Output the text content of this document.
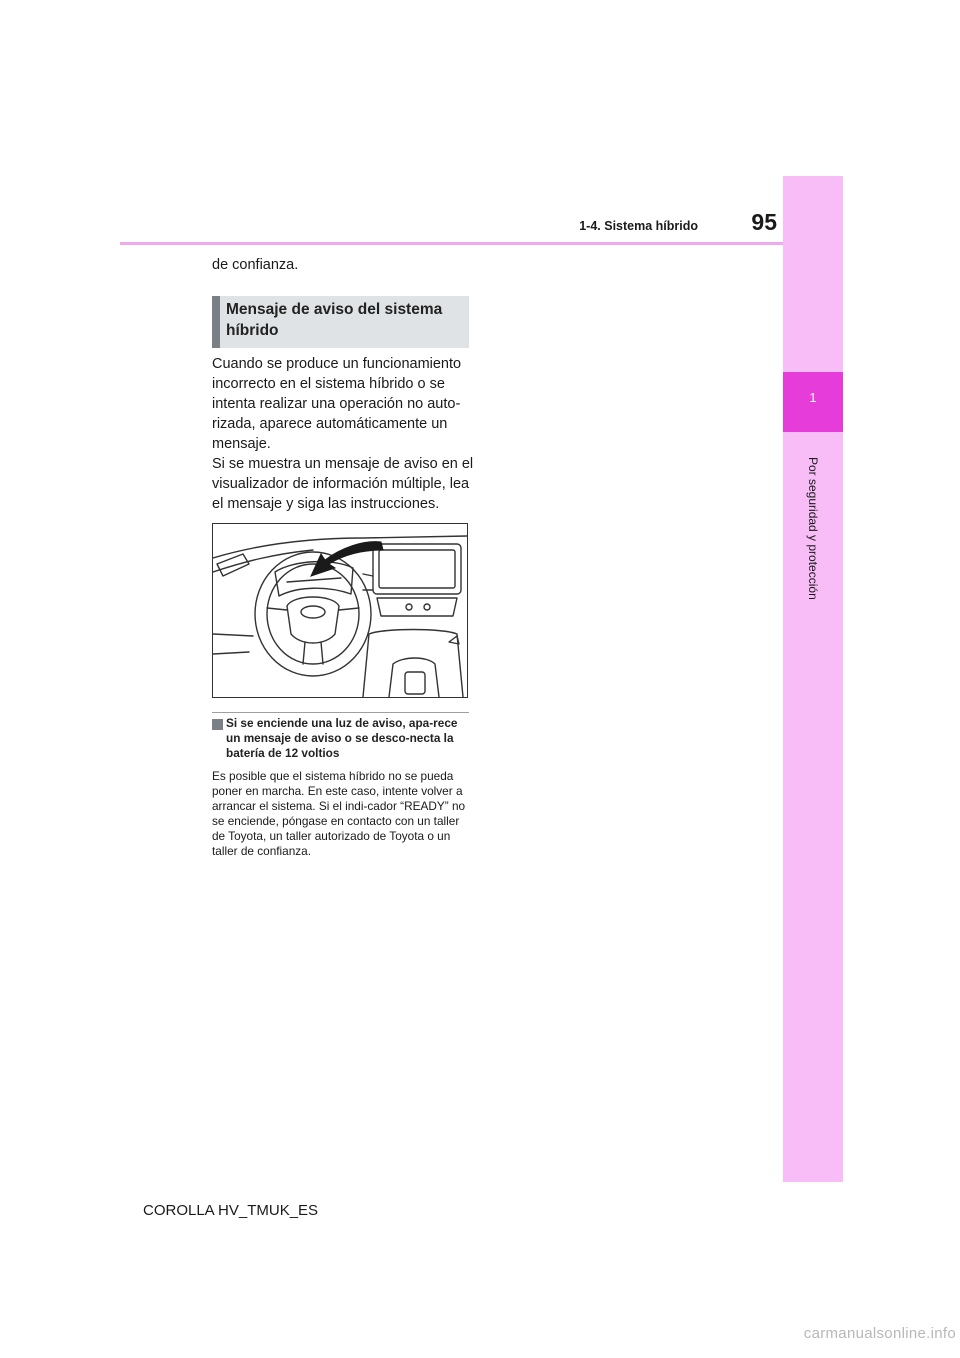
1
Por seguridad y protección
1-4. Sistema híbrido	95
de confianza.
Mensaje de aviso del sistema híbrido
Cuando se produce un funcionamiento incorrecto en el sistema híbrido o se intenta realizar una operación no auto-rizada, aparece automáticamente un mensaje.
Si se muestra un mensaje de aviso en el visualizador de información múltiple, lea el mensaje y siga las instrucciones.
Si se enciende una luz de aviso, apa-rece un mensaje de aviso o se desco-necta la batería de 12 voltios
Es posible que el sistema híbrido no se pueda poner en marcha. En este caso, intente volver a arrancar el sistema. Si el indi-cador “READY” no se enciende, póngase en contacto con un taller de Toyota, un taller autorizado de Toyota o un taller de confianza.
COROLLA HV_TMUK_ES
carmanualsonline.info
